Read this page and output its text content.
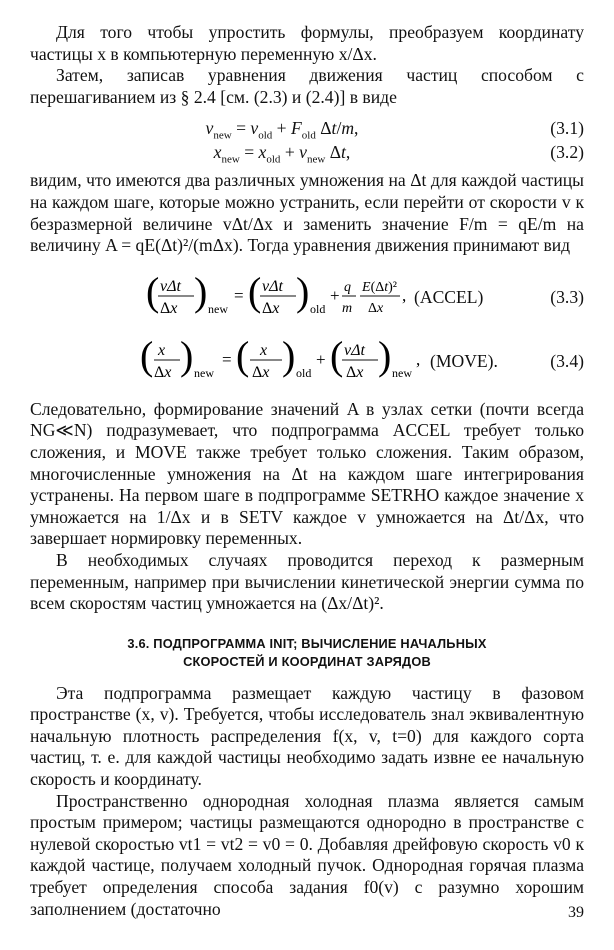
Для того чтобы упростить формулы, преобразуем координату частицы x в компьютерную переменную x/Δx.

Затем, записав уравнения движения частиц способом с перешагиванием из § 2.4 [см. (2.3) и (2.4)] в виде

$v_{new} = v_{old} + F_{old}$ Δt/m,	(3.1)
$x_{new} = x_{old} + v_{new}$ Δt,	(3.2)

видим, что имеются два различных умножения на Δt для каждой частицы на каждом шаге, которые можно устранить, если перейти от скорости v к безразмерной величине vΔt/Δx и заменить значение F/m = qE/m на величину A = qE(Δt)²/(mΔx). Тогда уравнения движения принимают вид

( vΔt
Δx ) new
= ( vΔt
Δx ) old
+ q
m
E(Δt)²
Δx
, (ACCEL)	(3.3)
( x
Δx ) new
= ( x
Δx ) old
+ ( vΔt
Δx ) new
, (MOVE).	(3.4)

Следовательно, формирование значений A в узлах сетки (почти всегда NG≪N) подразумевает, что подпрограмма ACCEL требует только сложения, и MOVE также требует только сложения. Таким образом, многочисленные умножения на Δt на каждом шаге интегрирования устранены. На первом шаге в подпрограмме SETRHO каждое значение x умножается на 1/Δx и в SETV каждое v умножается на Δt/Δx, что завершает нормировку переменных.

В необходимых случаях проводится переход к размерным переменным, например при вычислении кинетической энергии сумма по всем скоростям частиц умножается на (Δx/Δt)².

3.6. ПОДПРОГРАММА INIT; ВЫЧИСЛЕНИЕ НАЧАЛЬНЫХ
СКОРОСТЕЙ И КООРДИНАТ ЗАРЯДОВ

Эта подпрограмма размещает каждую частицу в фазовом пространстве (x, v). Требуется, чтобы исследователь знал эквивалентную начальную плотность распределения f(x, v, t=0) для каждого сорта частиц, т. е. для каждой частицы необходимо задать извне ее начальную скорость и координату.

Пространственно однородная холодная плазма является самым простым примером; частицы размещаются однородно в пространстве с нулевой скоростью vt1 = vt2 = v0 = 0. Добавляя дрейфовую скорость v0 к каждой частице, получаем холодный пучок. Однородная горячая плазма требует определения способа задания f0(v) с разумно хорошим заполнением (достаточно	39
